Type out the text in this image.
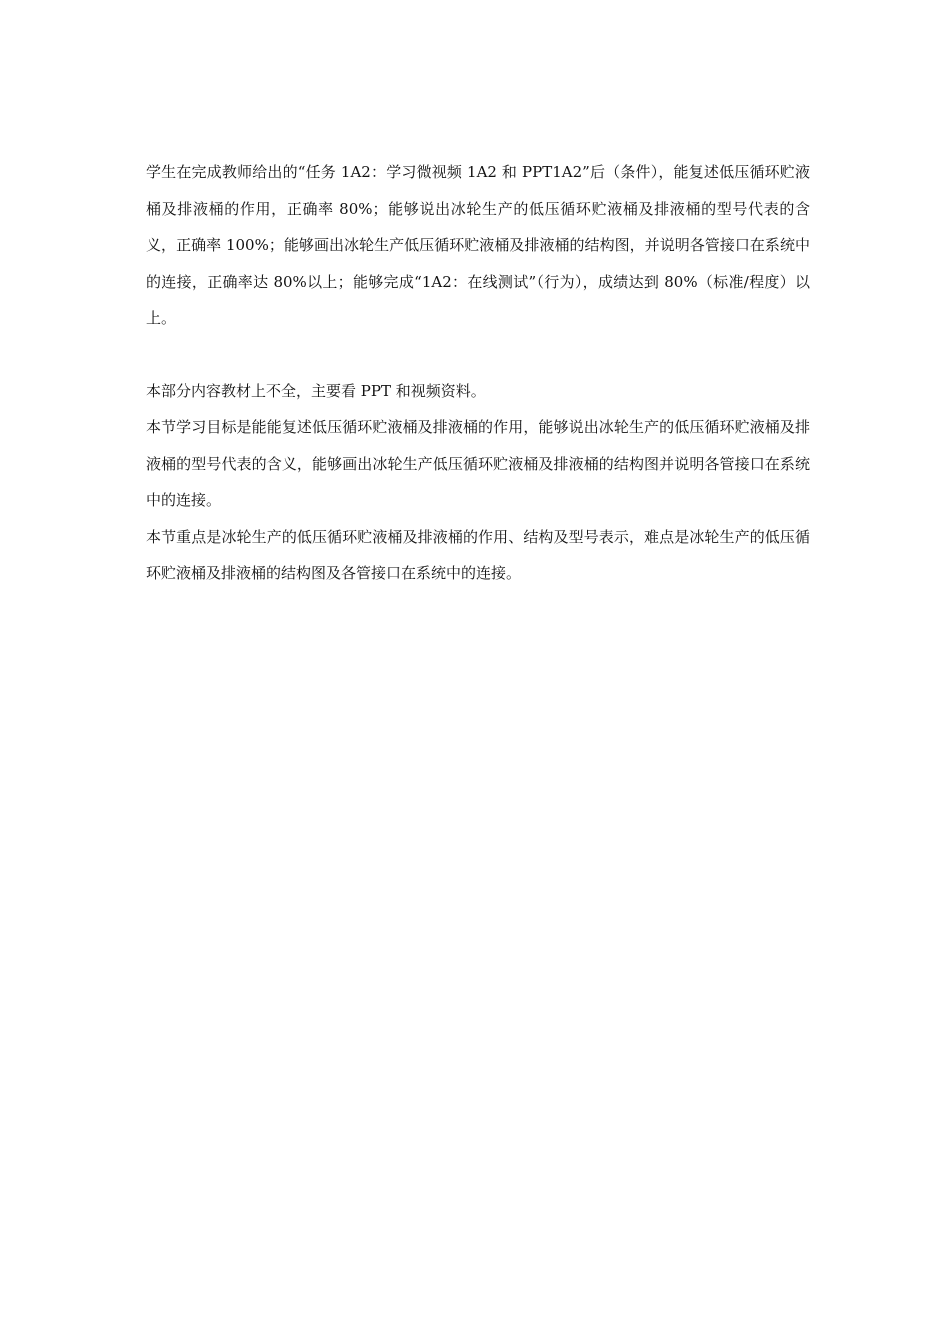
学生在完成教师给出的“任务 1A2：学习微视频 1A2 和 PPT1A2”后（条件），能复述低压循环贮液桶及排液桶的作用，正确率 80%；能够说出冰轮生产的低压循环贮液桶及排液桶的型号代表的含义，正确率 100%；能够画出冰轮生产低压循环贮液桶及排液桶的结构图，并说明各管接口在系统中的连接，正确率达 80%以上；能够完成“1A2：在线测试”（行为），成绩达到 80%（标准/程度）以上。

本部分内容教材上不全，主要看 PPT 和视频资料。

本节学习目标是能能复述低压循环贮液桶及排液桶的作用，能够说出冰轮生产的低压循环贮液桶及排液桶的型号代表的含义，能够画出冰轮生产低压循环贮液桶及排液桶的结构图并说明各管接口在系统中的连接。

本节重点是冰轮生产的低压循环贮液桶及排液桶的作用、结构及型号表示，难点是冰轮生产的低压循环贮液桶及排液桶的结构图及各管接口在系统中的连接。
